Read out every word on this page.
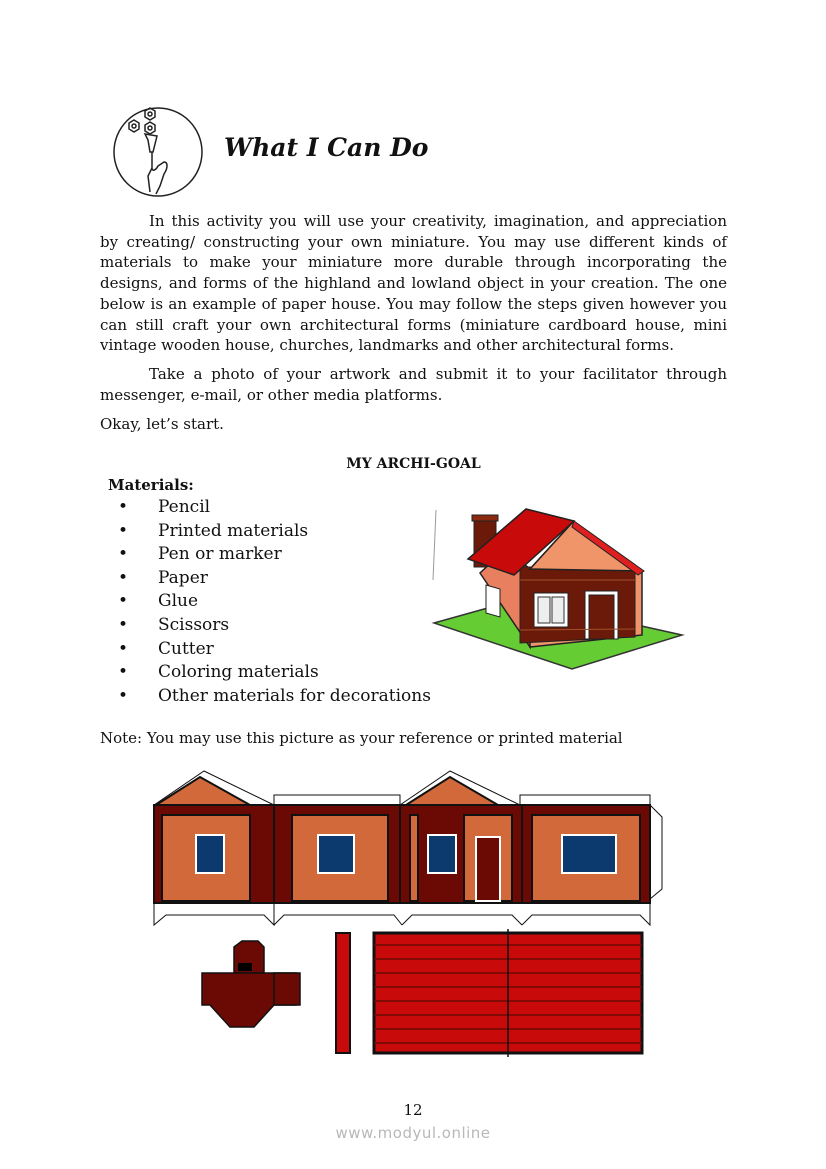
What I Can Do
In this activity you will use your creativity, imagination, and appreciation by creating/ constructing your own miniature. You may use different kinds of materials to make your miniature more durable through incorporating the designs, and forms of the highland and lowland object in your creation. The one below is an example of paper house. You may follow the steps given however you can still craft your own architectural forms (miniature cardboard house, mini vintage wooden house, churches, landmarks and other architectural forms.
Take a photo of your artwork and submit it to your facilitator through messenger, e-mail, or other media platforms.
Okay, let’s start.
MY ARCHI-GOAL
Materials:
• Pencil
• Printed materials
• Pen or marker
• Paper
• Glue
• Scissors
• Cutter
• Coloring materials
• Other materials for decorations
Note: You may use this picture as your reference or printed material
12
www.modyul.online
